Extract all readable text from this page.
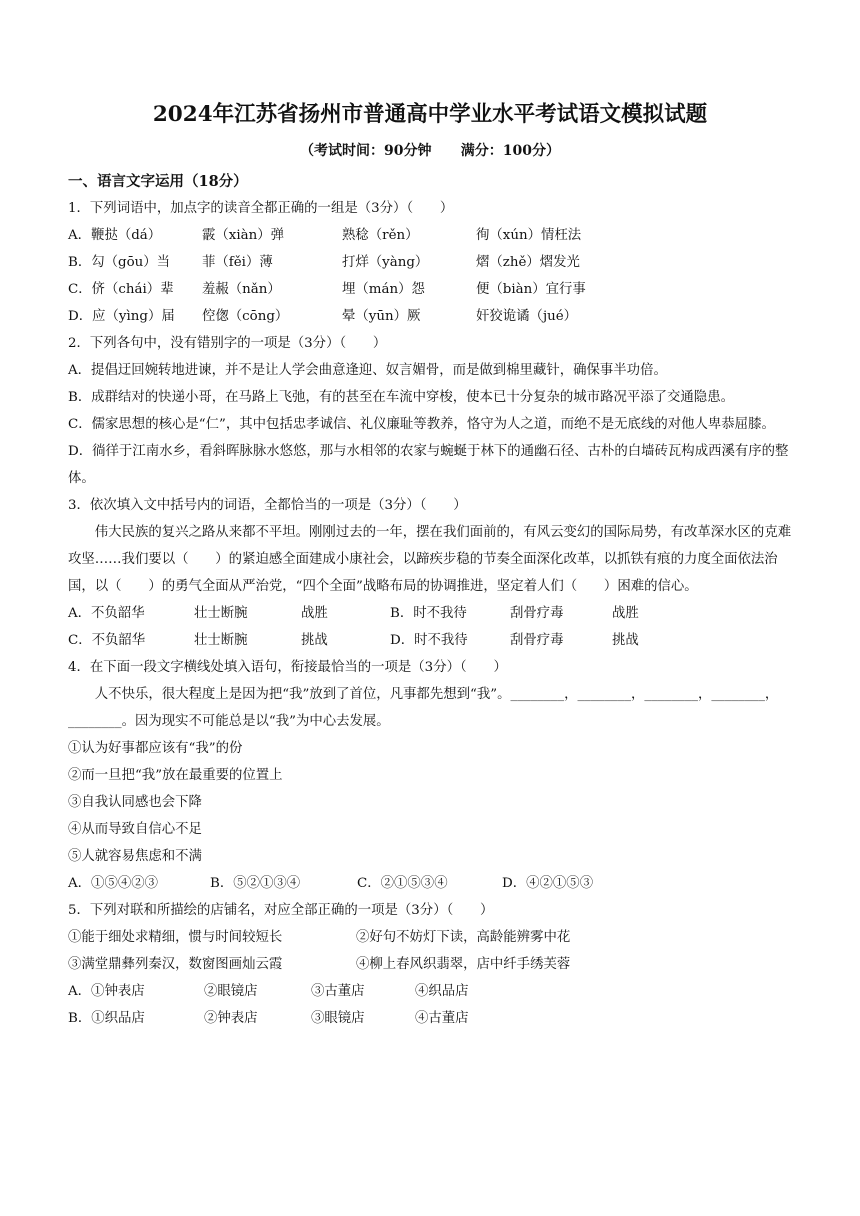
2024年江苏省扬州市普通高中学业水平考试语文模拟试题
（考试时间：90分钟      满分：100分）
一、语言文字运用（18分）
1．下列词语中，加点字的读音全都正确的一组是（3分）（　　）
A．鞭挞（dá）	霰（xiàn）弹	熟稔（rěn）	徇（xún）情枉法
B．勾（gōu）当 菲（fěi）薄	打烊（yàng）	熠（zhě）熠发光
C．侪（chái）辈 羞赧（nǎn）	埋（mán）怨	便（biàn）宜行事
D．应（yìng）届 倥偬（cōng）	晕（yūn）厥	奸狡诡谲（jué）
2．下列各句中，没有错别字的一项是（3分）（　　）
A．提倡迂回婉转地进谏，并不是让人学会曲意逢迎、奴言媚骨，而是做到棉里藏针，确保事半功倍。
B．成群结对的快递小哥，在马路上飞弛，有的甚至在车流中穿梭，使本已十分复杂的城市路况平添了交通隐患。
C．儒家思想的核心是“仁”，其中包括忠孝诚信、礼仪廉耻等教养，恪守为人之道，而绝不是无底线的对他人卑恭屈膝。
D．徜徉于江南水乡，看斜晖脉脉水悠悠，那与水相邻的农家与蜿蜒于林下的通幽石径、古朴的白墙砖瓦构成西溪有序的整体。
3．依次填入文中括号内的词语，全都恰当的一项是（3分）（　　）
伟大民族的复兴之路从来都不平坦。刚刚过去的一年，摆在我们面前的，有风云变幻的国际局势，有改革深水区的克难攻坚……我们要以（　　）的紧迫感全面建成小康社会，以蹄疾步稳的节奏全面深化改革，以抓铁有痕的力度全面依法治国，以（　　）的勇气全面从严治党，“四个全面”战略布局的协调推进，坚定着人们（　　）困难的信心。
A．不负韶华	壮士断腕	战胜	B．时不我待	刮骨疗毒	战胜
C．不负韶华	壮士断腕	挑战	D．时不我待	刮骨疗毒	挑战
4．在下面一段文字横线处填入语句，衔接最恰当的一项是（3分）（　　）
人不快乐，很大程度上是因为把“我”放到了首位，凡事都先想到“我”。________，________，________，________，________。因为现实不可能总是以“我”为中心去发展。
①认为好事都应该有“我”的份
②而一旦把“我”放在最重要的位置上
③自我认同感也会下降
④从而导致自信心不足
⑤人就容易焦虑和不满
A．①⑤④②③	B．⑤②①③④	C．②①⑤③④	D．④②①⑤③
5．下列对联和所描绘的店铺名，对应全部正确的一项是（3分）（　　）
①能于细处求精细，惯与时间较短长	②好句不妨灯下读，高龄能辨雾中花
③满堂鼎彝列秦汉，数窗图画灿云霞	④柳上春风织翡翠，店中纤手绣芙蓉
A．①钟表店	②眼镜店	③古董店	④织品店
B．①织品店	②钟表店	③眼镜店	④古董店
